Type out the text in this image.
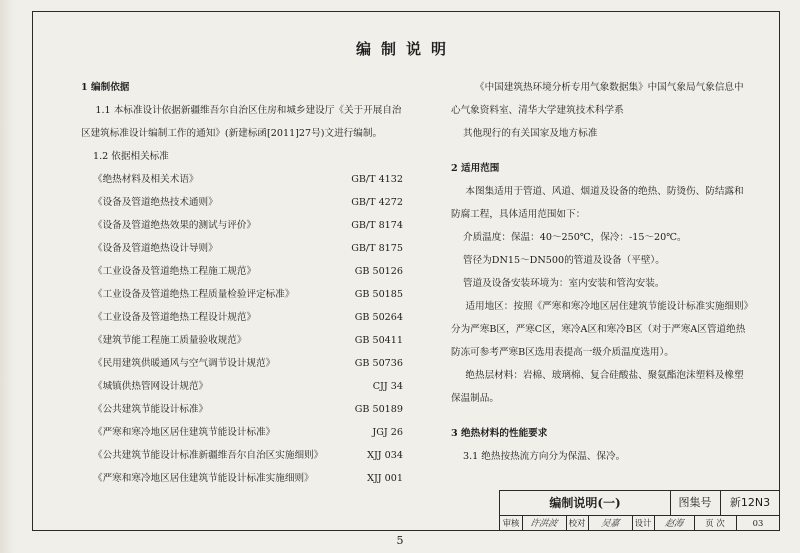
编制说明
1 编制依据
1.1 本标准设计依据新疆维吾尔自治区住房和城乡建设厅《关于开展自治区建筑标准设计编制工作的通知》(新建标函[2011]27号)文进行编制。
1.2 依据相关标准
《绝热材料及相关术语》	GB/T 4132
《设备及管道绝热技术通则》	GB/T 4272
《设备及管道绝热效果的测试与评价》	GB/T 8174
《设备及管道绝热设计导则》	GB/T 8175
《工业设备及管道绝热工程施工规范》	GB 50126
《工业设备及管道绝热工程质量检验评定标准》	GB 50185
《工业设备及管道绝热工程设计规范》	GB 50264
《建筑节能工程施工质量验收规范》	GB 50411
《民用建筑供暖通风与空气调节设计规范》	GB 50736
《城镇供热管网设计规范》	CJJ 34
《公共建筑节能设计标准》	GB 50189
《严寒和寒冷地区居住建筑节能设计标准》	JGJ 26
《公共建筑节能设计标准新疆维吾尔自治区实施细则》	XJJ 034
《严寒和寒冷地区居住建筑节能设计标准实施细则》	XJJ 001
《中国建筑热环境分析专用气象数据集》中国气象局气象信息中
心气象资料室、清华大学建筑技术科学系
其他现行的有关国家及地方标准
2 适用范围
本图集适用于管道、风道、烟道及设备的绝热、防烫伤、防结露和防腐工程，具体适用范围如下：
介质温度：保温：40～250℃，保冷：-15～20℃。
管径为DN15～DN500的管道及设备（平壁）。
管道及设备安装环境为：室内安装和管沟安装。
适用地区：按照《严寒和寒冷地区居住建筑节能设计标准实施细则》分为严寒B区，严寒C区，寒冷A区和寒冷B区（对于严寒A区管道绝热防冻可参考严寒B区选用表提高一级介质温度选用）。
绝热层材料：岩棉、玻璃棉、复合硅酸盐、聚氨酯泡沫塑料及橡塑保温制品。
3 绝热材料的性能要求
3.1 绝热按热流方向分为保温、保冷。
编制说明(一)	图集号	新12N3
审核	许洪波	校对	吴嘉	设计	赵海	页 次	03
5
